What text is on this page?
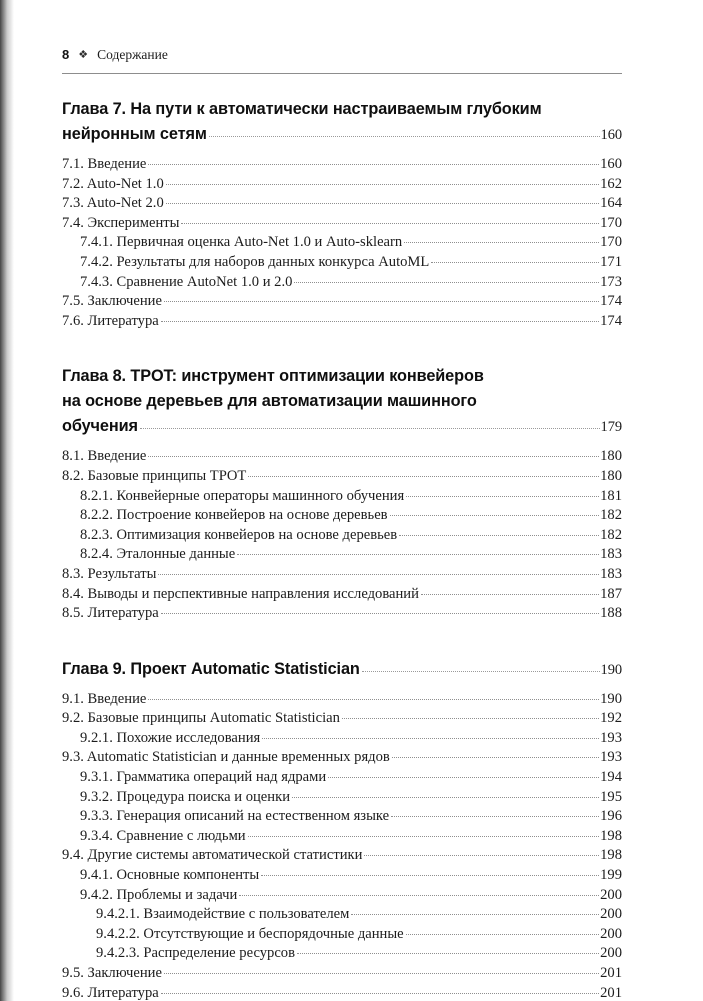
8 ❖ Содержание
Глава 7. На пути к автоматически настраиваемым глубоким
нейронным сетям	160
7.1. Введение	160
7.2. Auto-Net 1.0	162
7.3. Auto-Net 2.0	164
7.4. Эксперименты	170
7.4.1. Первичная оценка Auto-Net 1.0 и Auto-sklearn	170
7.4.2. Результаты для наборов данных конкурса AutoML	171
7.4.3. Сравнение AutoNet 1.0 и 2.0	173
7.5. Заключение	174
7.6. Литература	174
Глава 8. TPOT: инструмент оптимизации конвейеров
на основе деревьев для автоматизации машинного
обучения	179
8.1. Введение	180
8.2. Базовые принципы TPOT	180
8.2.1. Конвейерные операторы машинного обучения	181
8.2.2. Построение конвейеров на основе деревьев	182
8.2.3. Оптимизация конвейеров на основе деревьев	182
8.2.4. Эталонные данные	183
8.3. Результаты	183
8.4. Выводы и перспективные направления исследований	187
8.5. Литература	188
Глава 9. Проект Automatic Statistician	190
9.1. Введение	190
9.2. Базовые принципы Automatic Statistician	192
9.2.1. Похожие исследования	193
9.3. Automatic Statistician и данные временных рядов	193
9.3.1. Грамматика операций над ядрами	194
9.3.2. Процедура поиска и оценки	195
9.3.3. Генерация описаний на естественном языке	196
9.3.4. Сравнение с людьми	198
9.4. Другие системы автоматической статистики	198
9.4.1. Основные компоненты	199
9.4.2. Проблемы и задачи	200
9.4.2.1. Взаимодействие с пользователем	200
9.4.2.2. Отсутствующие и беспорядочные данные	200
9.4.2.3. Распределение ресурсов	200
9.5. Заключение	201
9.6. Литература	201
